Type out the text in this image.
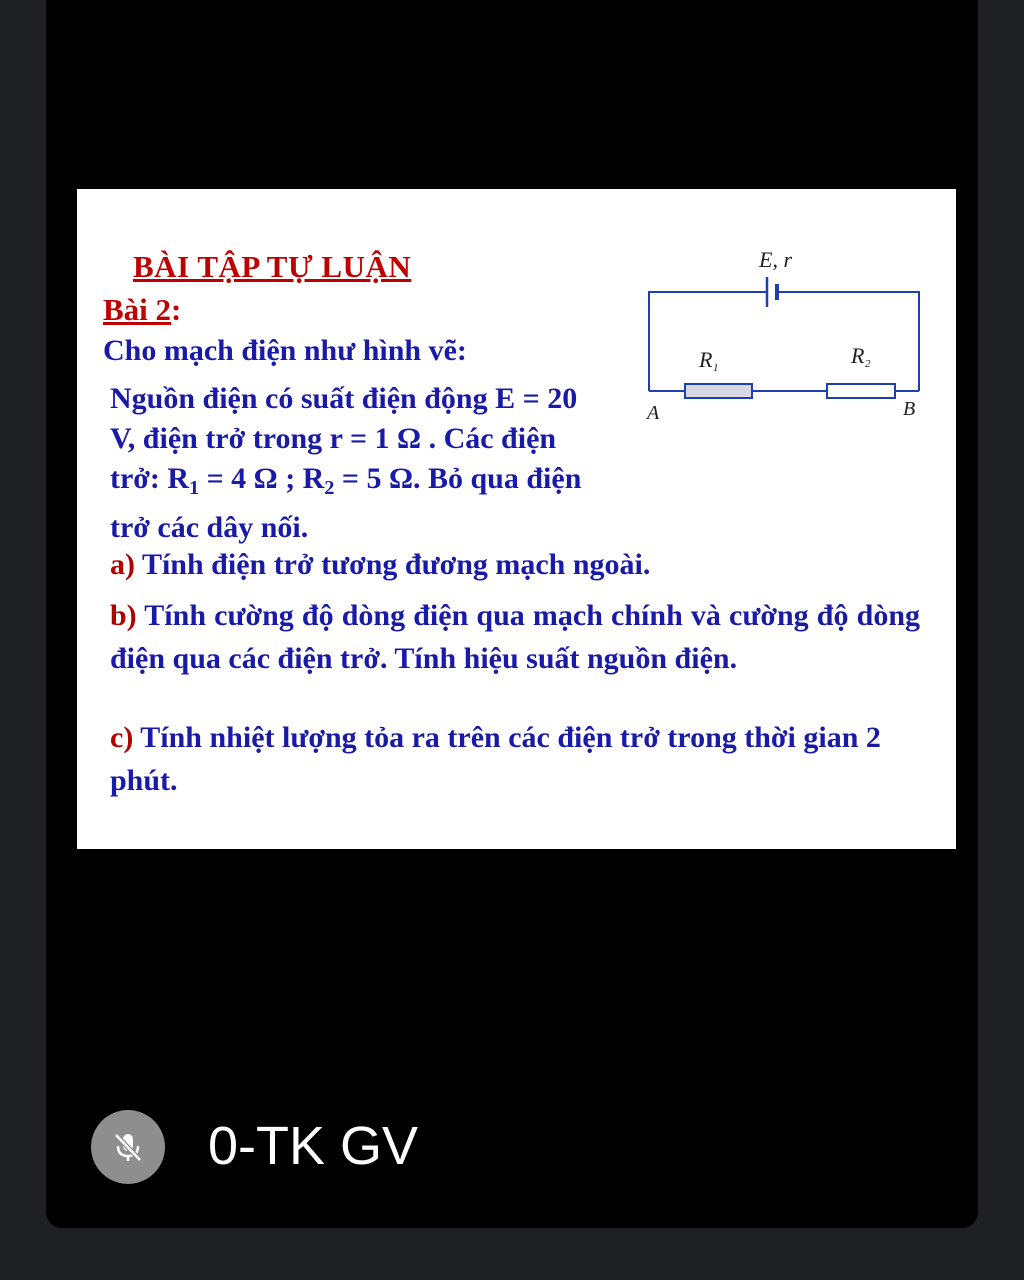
BÀI TẬP TỰ LUẬN
Bài 2:
Cho mạch điện như hình vẽ:
Nguồn điện có suất điện động E = 20 V, điện trở trong r = 1 Ω . Các điện trở: $R_1 = 4$ Ω ; $R_2 = 5$ Ω. Bỏ qua điện trở các dây nối.
a) Tính điện trở tương đương mạch ngoài.
b) Tính cường độ dòng điện qua mạch chính và cường độ dòng điện qua các điện trở. Tính hiệu suất nguồn điện.
c) Tính nhiệt lượng tỏa ra trên các điện trở trong thời gian 2 phút.
E, r
R 1	R 2
A	B
0-TK GV
